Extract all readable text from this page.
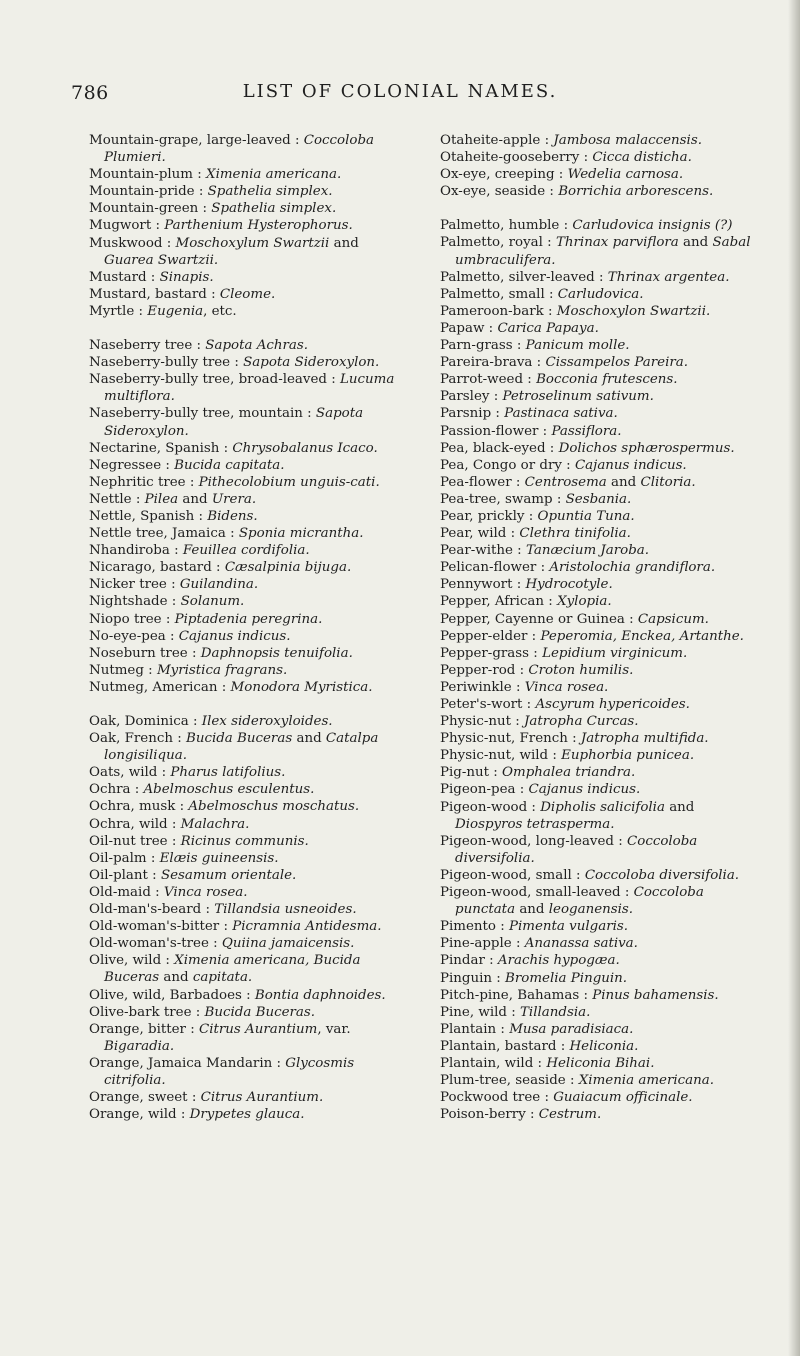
786	LIST OF COLONIAL NAMES.

Mountain-grape, large-leaved : Coccoloba Plumieri.

Mountain-plum : Ximenia americana.

Mountain-pride : Spathelia simplex.

Mountain-green : Spathelia simplex.

Mugwort : Parthenium Hysterophorus.

Muskwood : Moschoxylum Swartzii and Guarea Swartzii.

Mustard : Sinapis.

Mustard, bastard : Cleome.

Myrtle : Eugenia, etc.

Naseberry tree : Sapota Achras.

Naseberry-bully tree : Sapota Sideroxylon.

Naseberry-bully tree, broad-leaved : Lucuma multiflora.

Naseberry-bully tree, mountain : Sapota Sideroxylon.

Nectarine, Spanish : Chrysobalanus Icaco.

Negressee : Bucida capitata.

Nephritic tree : Pithecolobium unguis-cati.

Nettle : Pilea and Urera.

Nettle, Spanish : Bidens.

Nettle tree, Jamaica : Sponia micrantha.

Nhandiroba : Feuillea cordifolia.

Nicarago, bastard : Cæsalpinia bijuga.

Nicker tree : Guilandina.

Nightshade : Solanum.

Niopo tree : Piptadenia peregrina.

No-eye-pea : Cajanus indicus.

Noseburn tree : Daphnopsis tenuifolia.

Nutmeg : Myristica fragrans.

Nutmeg, American : Monodora Myristica.

Oak, Dominica : Ilex sideroxyloides.

Oak, French : Bucida Buceras and Catalpa longisiliqua.

Oats, wild : Pharus latifolius.

Ochra : Abelmoschus esculentus.

Ochra, musk : Abelmoschus moschatus.

Ochra, wild : Malachra.

Oil-nut tree : Ricinus communis.

Oil-palm : Elæis guineensis.

Oil-plant : Sesamum orientale.

Old-maid : Vinca rosea.

Old-man's-beard : Tillandsia usneoides.

Old-woman's-bitter : Picramnia Antidesma.

Old-woman's-tree : Quiina jamaicensis.

Olive, wild : Ximenia americana, Bucida Buceras and capitata.

Olive, wild, Barbadoes : Bontia daphnoides.

Olive-bark tree : Bucida Buceras.

Orange, bitter : Citrus Aurantium, var. Bigaradia.

Orange, Jamaica Mandarin : Glycosmis citrifolia.

Orange, sweet : Citrus Aurantium.

Orange, wild : Drypetes glauca.

Otaheite-apple : Jambosa malaccensis.

Otaheite-gooseberry : Cicca disticha.

Ox-eye, creeping : Wedelia carnosa.

Ox-eye, seaside : Borrichia arborescens.

Palmetto, humble : Carludovica insignis (?)

Palmetto, royal : Thrinax parviflora and Sabal umbraculifera.

Palmetto, silver-leaved : Thrinax argentea.

Palmetto, small : Carludovica.

Pameroon-bark : Moschoxylon Swartzii.

Papaw : Carica Papaya.

Parn-grass : Panicum molle.

Pareira-brava : Cissampelos Pareira.

Parrot-weed : Bocconia frutescens.

Parsley : Petroselinum sativum.

Parsnip : Pastinaca sativa.

Passion-flower : Passiflora.

Pea, black-eyed : Dolichos sphærospermus.

Pea, Congo or dry : Cajanus indicus.

Pea-flower : Centrosema and Clitoria.

Pea-tree, swamp : Sesbania.

Pear, prickly : Opuntia Tuna.

Pear, wild : Clethra tinifolia.

Pear-withe : Tanæcium Jaroba.

Pelican-flower : Aristolochia grandiflora.

Pennywort : Hydrocotyle.

Pepper, African : Xylopia.

Pepper, Cayenne or Guinea : Capsicum.

Pepper-elder : Peperomia, Enckea, Artanthe.

Pepper-grass : Lepidium virginicum.

Pepper-rod : Croton humilis.

Periwinkle : Vinca rosea.

Peter's-wort : Ascyrum hypericoides.

Physic-nut : Jatropha Curcas.

Physic-nut, French : Jatropha multifida.

Physic-nut, wild : Euphorbia punicea.

Pig-nut : Omphalea triandra.

Pigeon-pea : Cajanus indicus.

Pigeon-wood : Dipholis salicifolia and Diospyros tetrasperma.

Pigeon-wood, long-leaved : Coccoloba diversifolia.

Pigeon-wood, small : Coccoloba diversifolia.

Pigeon-wood, small-leaved : Coccoloba punctata and leoganensis.

Pimento : Pimenta vulgaris.

Pine-apple : Ananassa sativa.

Pindar : Arachis hypogæa.

Pinguin : Bromelia Pinguin.

Pitch-pine, Bahamas : Pinus bahamensis.

Pine, wild : Tillandsia.

Plantain : Musa paradisiaca.

Plantain, bastard : Heliconia.

Plantain, wild : Heliconia Bihai.

Plum-tree, seaside : Ximenia americana.

Pockwood tree : Guaiacum officinale.

Poison-berry : Cestrum.
